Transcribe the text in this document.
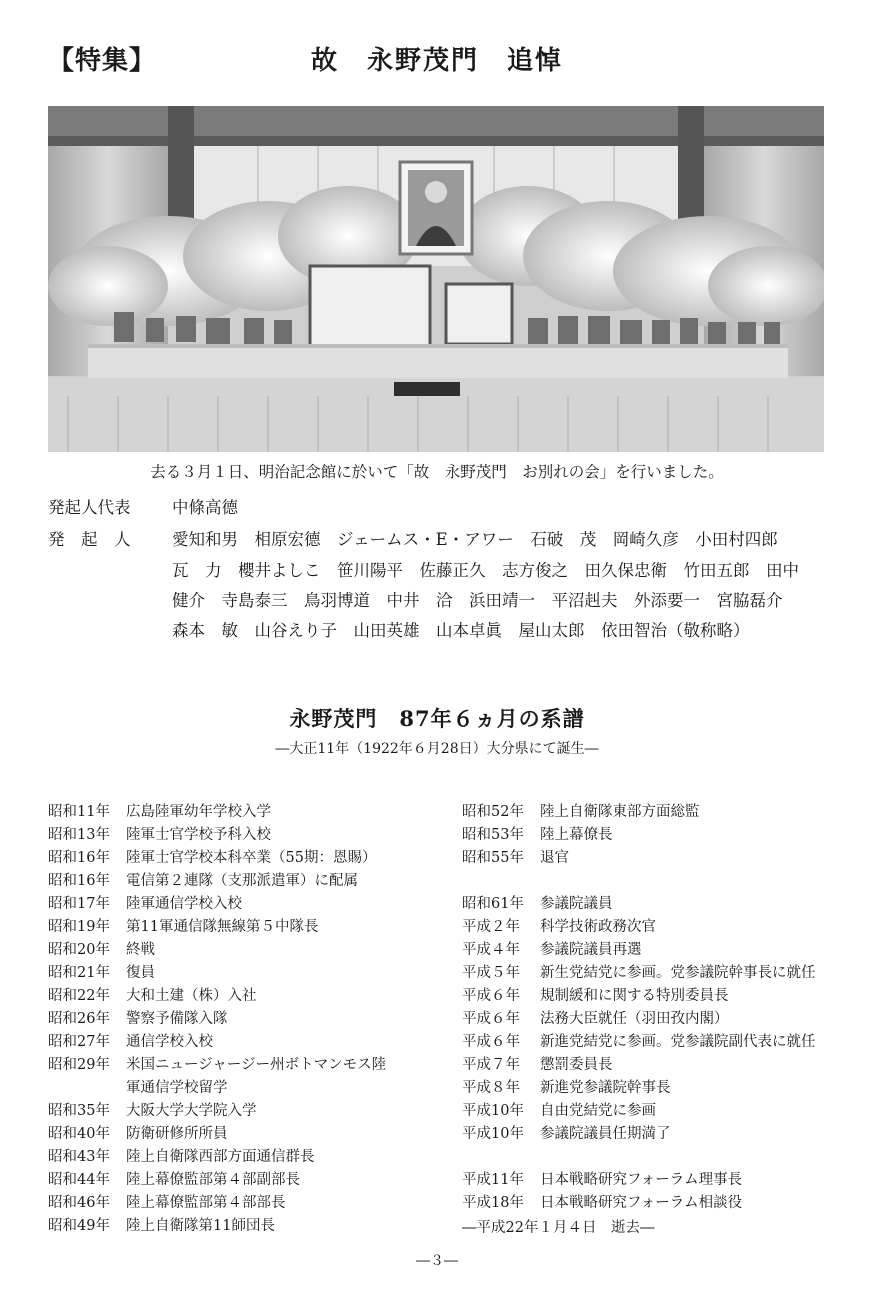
【特集】	故　永野茂門　追悼
去る３月１日、明治記念館に於いて「故　永野茂門　お別れの会」を行いました。
発起人代表	中條高德
発　起　人	愛知和男　相原宏德　ジェームス・E・アワー　石破　茂　岡崎久彦　小田村四郎
瓦　力　櫻井よしこ　笹川陽平　佐藤正久　志方俊之　田久保忠衛　竹田五郎　田中
健介　寺島泰三　鳥羽博道　中井　洽　浜田靖一　平沼赳夫　外添要一　宮脇磊介
森本　敏　山谷えり子　山田英雄　山本卓眞　屋山太郎　依田智治（敬称略）
永野茂門　87年６ヵ月の系譜
―大正11年（1922年６月28日）大分県にて誕生―
昭和11年 広島陸軍幼年学校入学
昭和13年 陸軍士官学校予科入校
昭和16年 陸軍士官学校本科卒業（55期：恩賜）
昭和16年 電信第２連隊（支那派遣軍）に配属
昭和17年 陸軍通信学校入校
昭和19年 第11軍通信隊無線第５中隊長
昭和20年 終戦
昭和21年 復員
昭和22年 大和土建（株）入社
昭和26年警察予備隊入隊
昭和27年 通信学校入校
昭和29年 米国ニュージャージー州ボトマンモス陸
軍通信学校留学
昭和35年 大阪大学大学院入学
昭和40年 防衛研修所所員
昭和43年 陸上自衛隊西部方面通信群長
昭和44年 陸上幕僚監部第４部副部長
昭和46年 陸上幕僚監部第４部部長
昭和49年 陸上自衛隊第11師団長
昭和52年 陸上自衛隊東部方面総監
昭和53年 陸上幕僚長
昭和55年 退官
昭和61年 参議院議員
平成２年 科学技術政務次官
平成４年 参議院議員再選
平成５年 新生党結党に参画。党参議院幹事長に就任
平成６年 規制緩和に関する特別委員長
平成６年 法務大臣就任（羽田孜内閣）
平成６年 新進党結党に参画。党参議院副代表に就任
平成７年 懲罰委員長
平成８年 新進党参議院幹事長
平成10年 自由党結党に参画
平成10年 参議院議員任期満了
平成11年 日本戦略研究フォーラム理事長
平成18年 日本戦略研究フォーラム相談役
―平成22年１月４日　逝去―
―３―
